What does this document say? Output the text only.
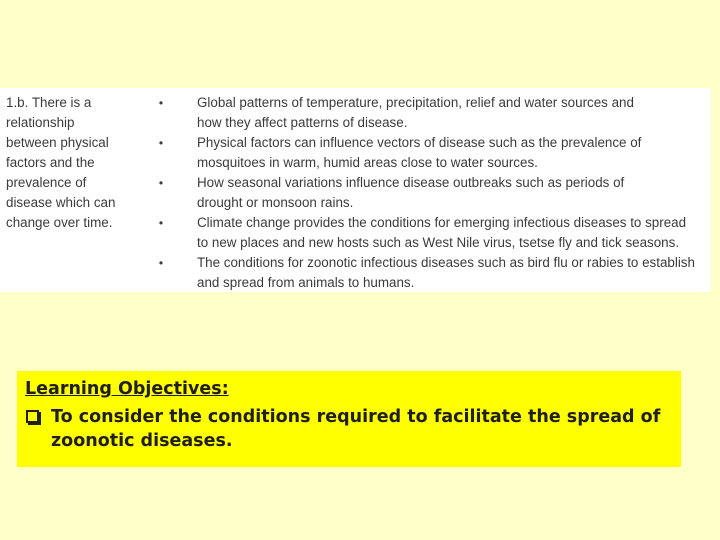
1.b. There is a
relationship
between physical
factors and the
prevalence of
disease which can
change over time.
•	Global patterns of temperature, precipitation, relief and water sources and
how they affect patterns of disease.
•	Physical factors can influence vectors of disease such as the prevalence of
mosquitoes in warm, humid areas close to water sources.
•	How seasonal variations influence disease outbreaks such as periods of
drought or monsoon rains.
•	Climate change provides the conditions for emerging infectious diseases to spread
to new places and new hosts such as West Nile virus, tsetse fly and tick seasons.
•	The conditions for zoonotic infectious diseases such as bird flu or rabies to establish
and spread from animals to humans.
Learning Objectives:
To consider the conditions required to facilitate the spread of
zoonotic diseases.
